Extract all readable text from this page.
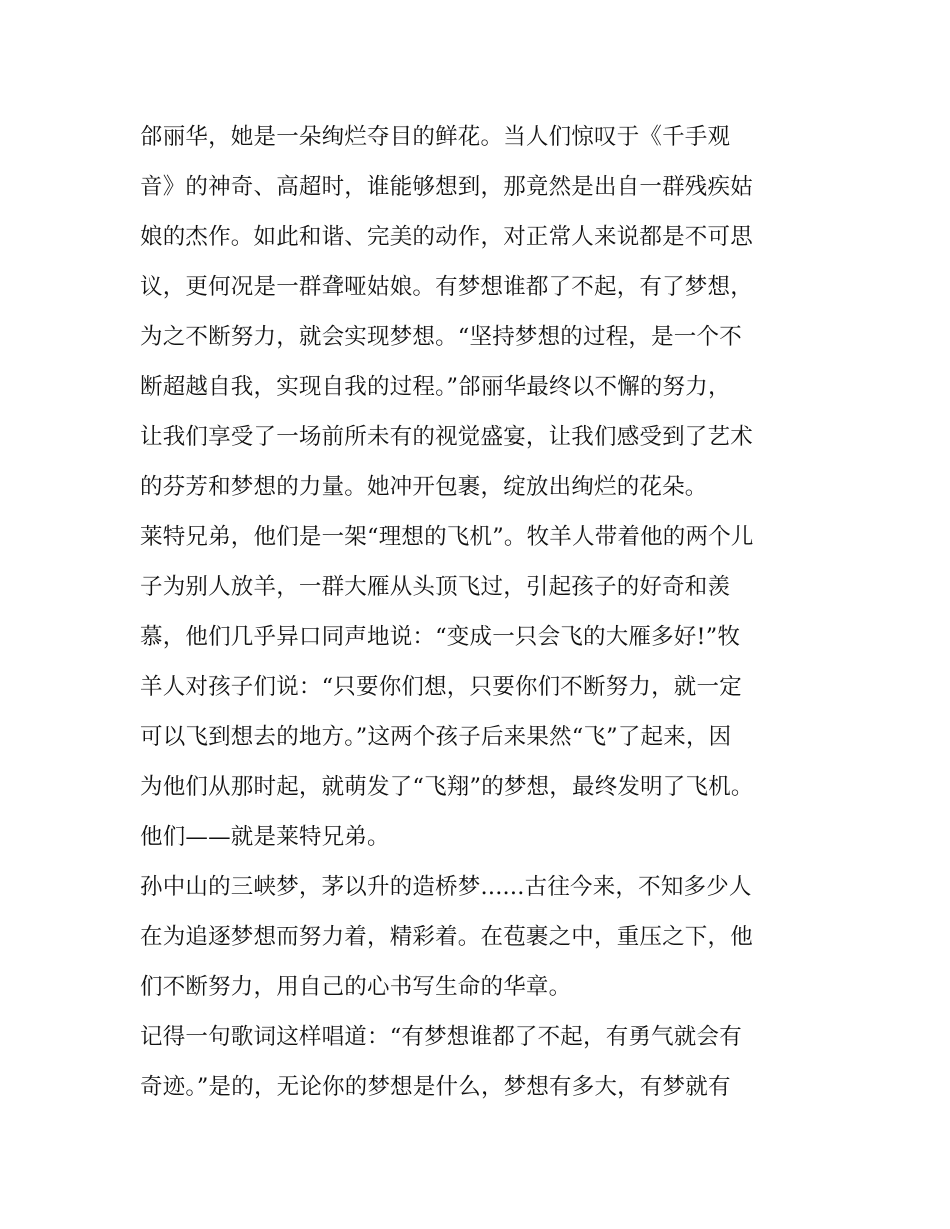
郃丽华，她是一朵绚烂夺目的鲜花。当人们惊叹于《千手观
音》的神奇、高超时，谁能够想到，那竟然是出自一群残疾姑
娘的杰作。如此和谐、完美的动作，对正常人来说都是不可思
议，更何况是一群聋哑姑娘。有梦想谁都了不起，有了梦想，
为之不断努力，就会实现梦想。“坚持梦想的过程，是一个不
断超越自我，实现自我的过程。”郃丽华最终以不懈的努力，
让我们享受了一场前所未有的视觉盛宴，让我们感受到了艺术
的芬芳和梦想的力量。她冲开包裹，绽放出绚烂的花朵。
莱特兄弟，他们是一架“理想的飞机”。牧羊人带着他的两个儿
子为别人放羊，一群大雁从头顶飞过，引起孩子的好奇和羡
慕，他们几乎异口同声地说：“变成一只会飞的大雁多好!”牧
羊人对孩子们说：“只要你们想，只要你们不断努力，就一定
可以飞到想去的地方。”这两个孩子后来果然“飞”了起来，因
为他们从那时起，就萌发了“飞翔”的梦想，最终发明了飞机。
他们——就是莱特兄弟。
孙中山的三峡梦，茅以升的造桥梦......古往今来，不知多少人
在为追逐梦想而努力着，精彩着。在苞裹之中，重压之下，他
们不断努力，用自己的心书写生命的华章。
记得一句歌词这样唱道：“有梦想谁都了不起，有勇气就会有
奇迹。”是的，无论你的梦想是什么，梦想有多大，有梦就有
